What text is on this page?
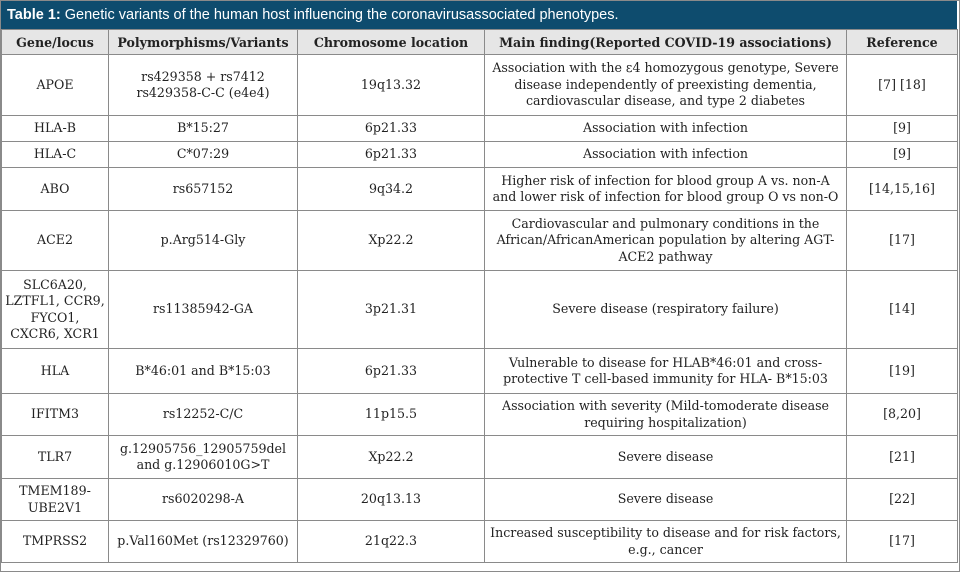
Table 1: Genetic variants of the human host influencing the coronavirusassociated phenotypes.
Gene/locus	Polymorphisms/Variants	Chromosome location	Main finding(Reported COVID-19 associations)	Reference
APOE	rs429358 + rs7412 rs429358-C-C (e4e4)	19q13.32	Association with the ε4 homozygous genotype, Severe disease independently of preexisting dementia, cardiovascular disease, and type 2 diabetes	[7] [18]
HLA-B	B*15:27	6p21.33	Association with infection	[9]
HLA-C	C*07:29	6p21.33	Association with infection	[9]
ABO	rs657152	9q34.2	Higher risk of infection for blood group A vs. non-A and lower risk of infection for blood group O vs non-O	[14,15,16]
ACE2	p.Arg514-Gly	Xp22.2	Cardiovascular and pulmonary conditions in the African/AfricanAmerican population by altering AGT-ACE2 pathway	[17]
SLC6A20, LZTFL1, CCR9, FYCO1, CXCR6, XCR1	rs11385942-GA	3p21.31	Severe disease (respiratory failure)	[14]
HLA	B*46:01 and B*15:03	6p21.33	Vulnerable to disease for HLAB*46:01 and cross-protective T cell-based immunity for HLA- B*15:03	[19]
IFITM3	rs12252-C/C	11p15.5	Association with severity (Mild-tomoderate disease requiring hospitalization)	[8,20]
TLR7	g.12905756_12905759del and g.12906010G>T	Xp22.2	Severe disease	[21]
TMEM189-UBE2V1	rs6020298-A	20q13.13	Severe disease	[22]
TMPRSS2	p.Val160Met (rs12329760)	21q22.3	Increased susceptibility to disease and for risk factors, e.g., cancer	[17]
